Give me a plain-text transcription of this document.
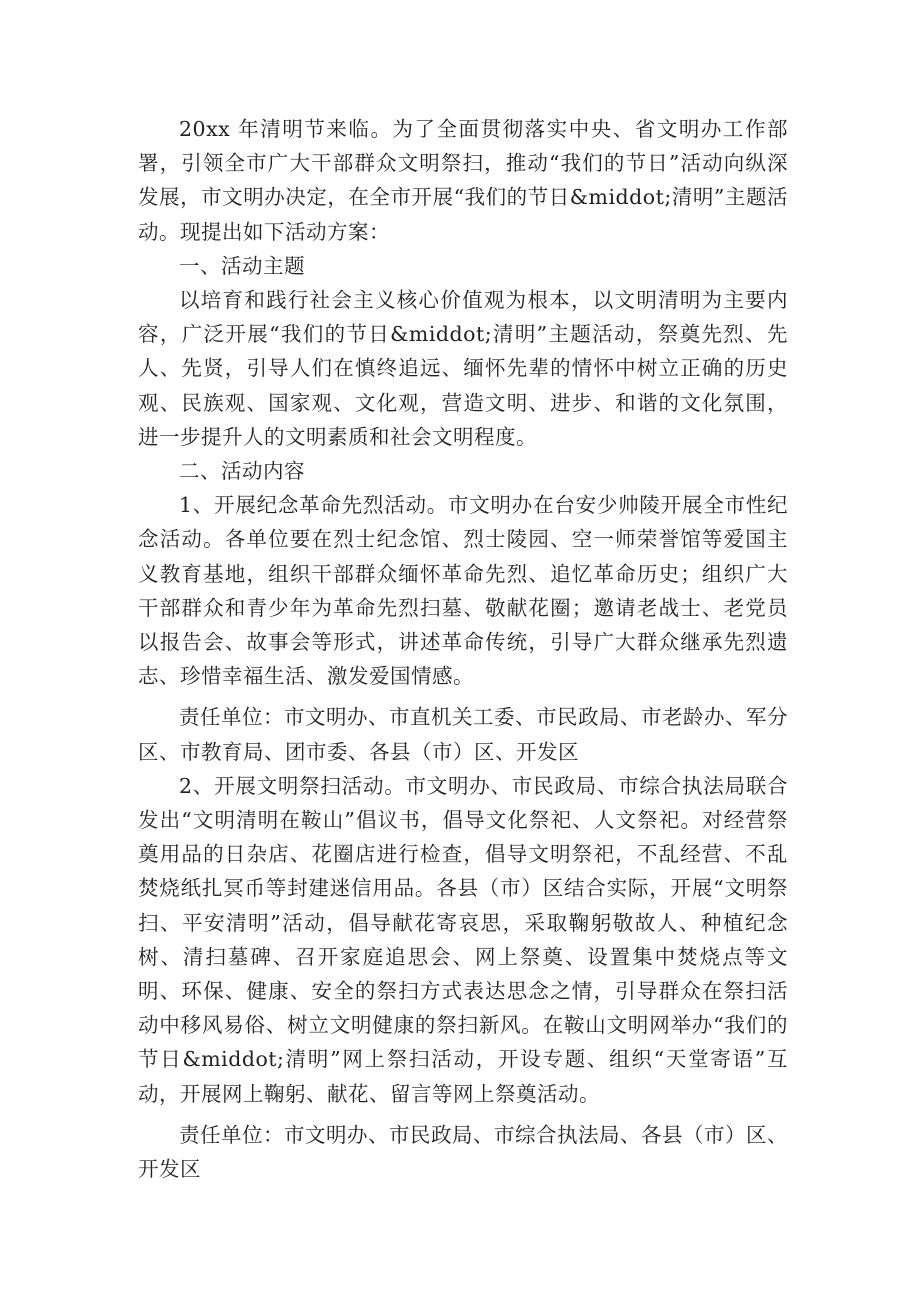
20xx 年清明节来临。为了全面贯彻落实中央、省文明办工作部署，引领全市广大干部群众文明祭扫，推动“我们的节日”活动向纵深发展，市文明办决定，在全市开展“我们的节日&middot;清明”主题活动。现提出如下活动方案：

一、活动主题

以培育和践行社会主义核心价值观为根本，以文明清明为主要内容，广泛开展“我们的节日&middot;清明”主题活动，祭奠先烈、先人、先贤，引导人们在慎终追远、缅怀先辈的情怀中树立正确的历史观、民族观、国家观、文化观，营造文明、进步、和谐的文化氛围，进一步提升人的文明素质和社会文明程度。

二、活动内容

1、开展纪念革命先烈活动。市文明办在台安少帅陵开展全市性纪念活动。各单位要在烈士纪念馆、烈士陵园、空一师荣誉馆等爱国主义教育基地，组织干部群众缅怀革命先烈、追忆革命历史；组织广大干部群众和青少年为革命先烈扫墓、敬献花圈；邀请老战士、老党员以报告会、故事会等形式，讲述革命传统，引导广大群众继承先烈遗志、珍惜幸福生活、激发爱国情感。

责任单位：市文明办、市直机关工委、市民政局、市老龄办、军分区、市教育局、团市委、各县（市）区、开发区

2、开展文明祭扫活动。市文明办、市民政局、市综合执法局联合发出“文明清明在鞍山”倡议书，倡导文化祭祀、人文祭祀。对经营祭奠用品的日杂店、花圈店进行检查，倡导文明祭祀，不乱经营、不乱焚烧纸扎冥币等封建迷信用品。各县（市）区结合实际，开展“文明祭扫、平安清明”活动，倡导献花寄哀思，采取鞠躬敬故人、种植纪念树、清扫墓碑、召开家庭追思会、网上祭奠、设置集中焚烧点等文明、环保、健康、安全的祭扫方式表达思念之情，引导群众在祭扫活动中移风易俗、树立文明健康的祭扫新风。在鞍山文明网举办“我们的节日&middot;清明”网上祭扫活动，开设专题、组织“天堂寄语”互动，开展网上鞠躬、献花、留言等网上祭奠活动。

责任单位：市文明办、市民政局、市综合执法局、各县（市）区、开发区
